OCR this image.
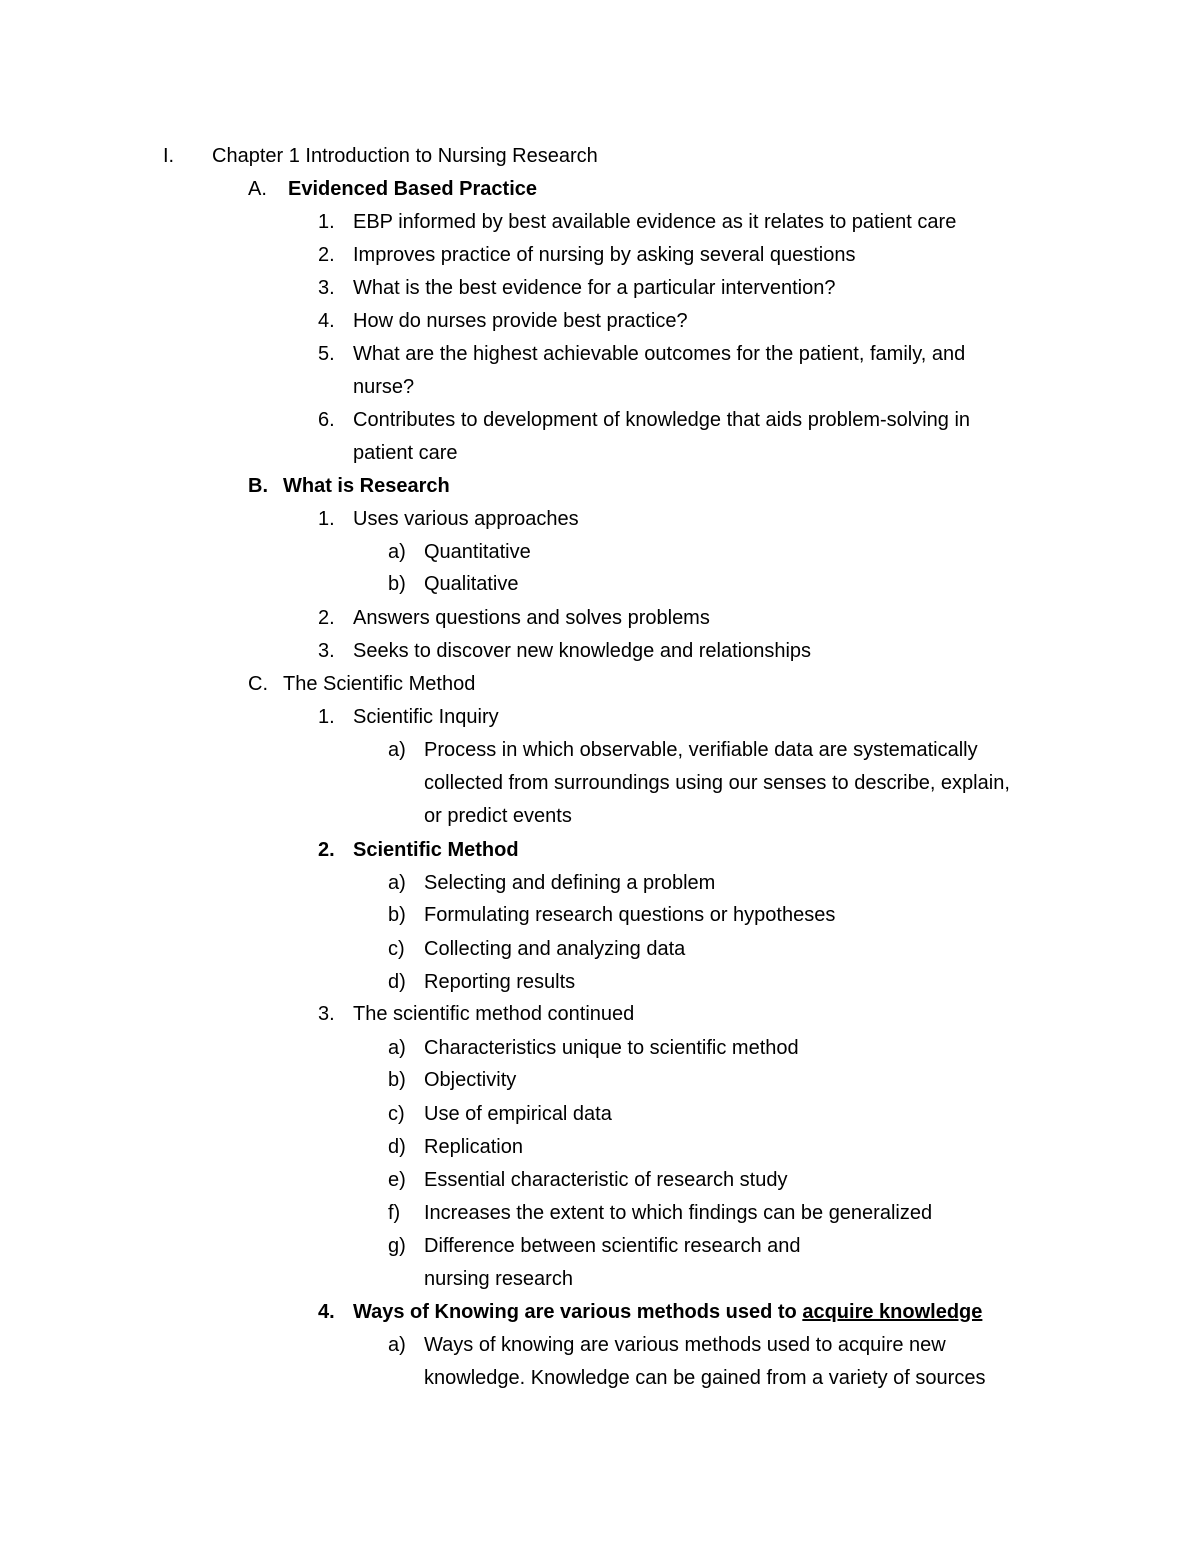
I.	Chapter 1 Introduction to Nursing Research
A.	Evidenced Based Practice
1. EBP informed by best available evidence as it relates to patient care
2. Improves practice of nursing by asking several questions
3. What is the best evidence for a particular intervention?
4. How do nurses provide best practice?
5. What are the highest achievable outcomes for the patient, family, and
nurse?
6. Contributes to development of knowledge that aids problem-solving in
patient care
B. What is Research
1. Uses various approaches
a) Quantitative
b) Qualitative
2. Answers questions and solves problems
3. Seeks to discover new knowledge and relationships
C. The Scientific Method
1. Scientific Inquiry
a) Process in which observable, verifiable data are systematically
collected from surroundings using our senses to describe, explain,
or predict events
2. Scientific Method
a) Selecting and defining a problem
b) Formulating research questions or hypotheses
c) Collecting and analyzing data
d) Reporting results
3. The scientific method continued
a) Characteristics unique to scientific method
b) Objectivity
c) Use of empirical data
d) Replication
e) Essential characteristic of research study
f)	Increases the extent to which findings can be generalized
g) Difference between scientific research and
nursing research
4. Ways of Knowing are various methods used to acquire knowledge
a) Ways of knowing are various methods used to acquire new
knowledge. Knowledge can be gained from a variety of sources
